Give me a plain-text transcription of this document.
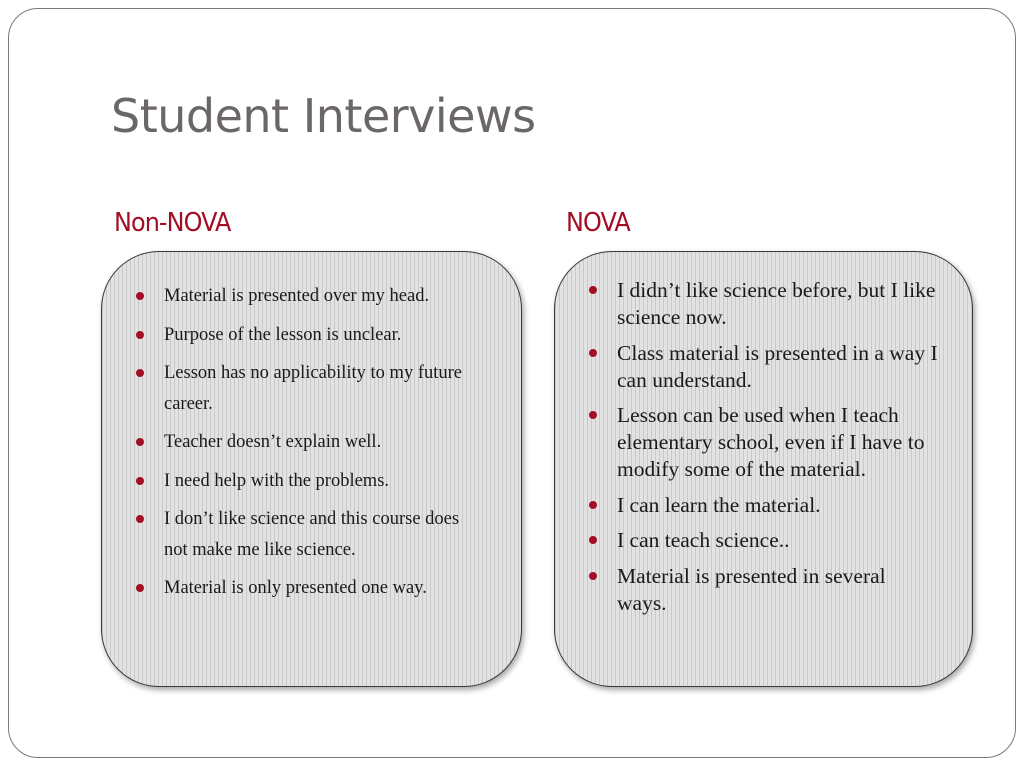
Student Interviews
Non-NOVA	NOVA
Material is presented over my head.
Purpose of the lesson is unclear.
Lesson has no applicability to my future career.
Teacher doesn’t explain well.
I need help with the problems.
I don’t like science and this course does not make me like science.
Material is only presented one way.
I didn’t like science before, but I like science now.
Class material is presented in a way I can understand.
Lesson can be used when I teach elementary school, even if I have to modify some of the material.
I can learn the material.
I can teach science..
Material is presented in several ways.
